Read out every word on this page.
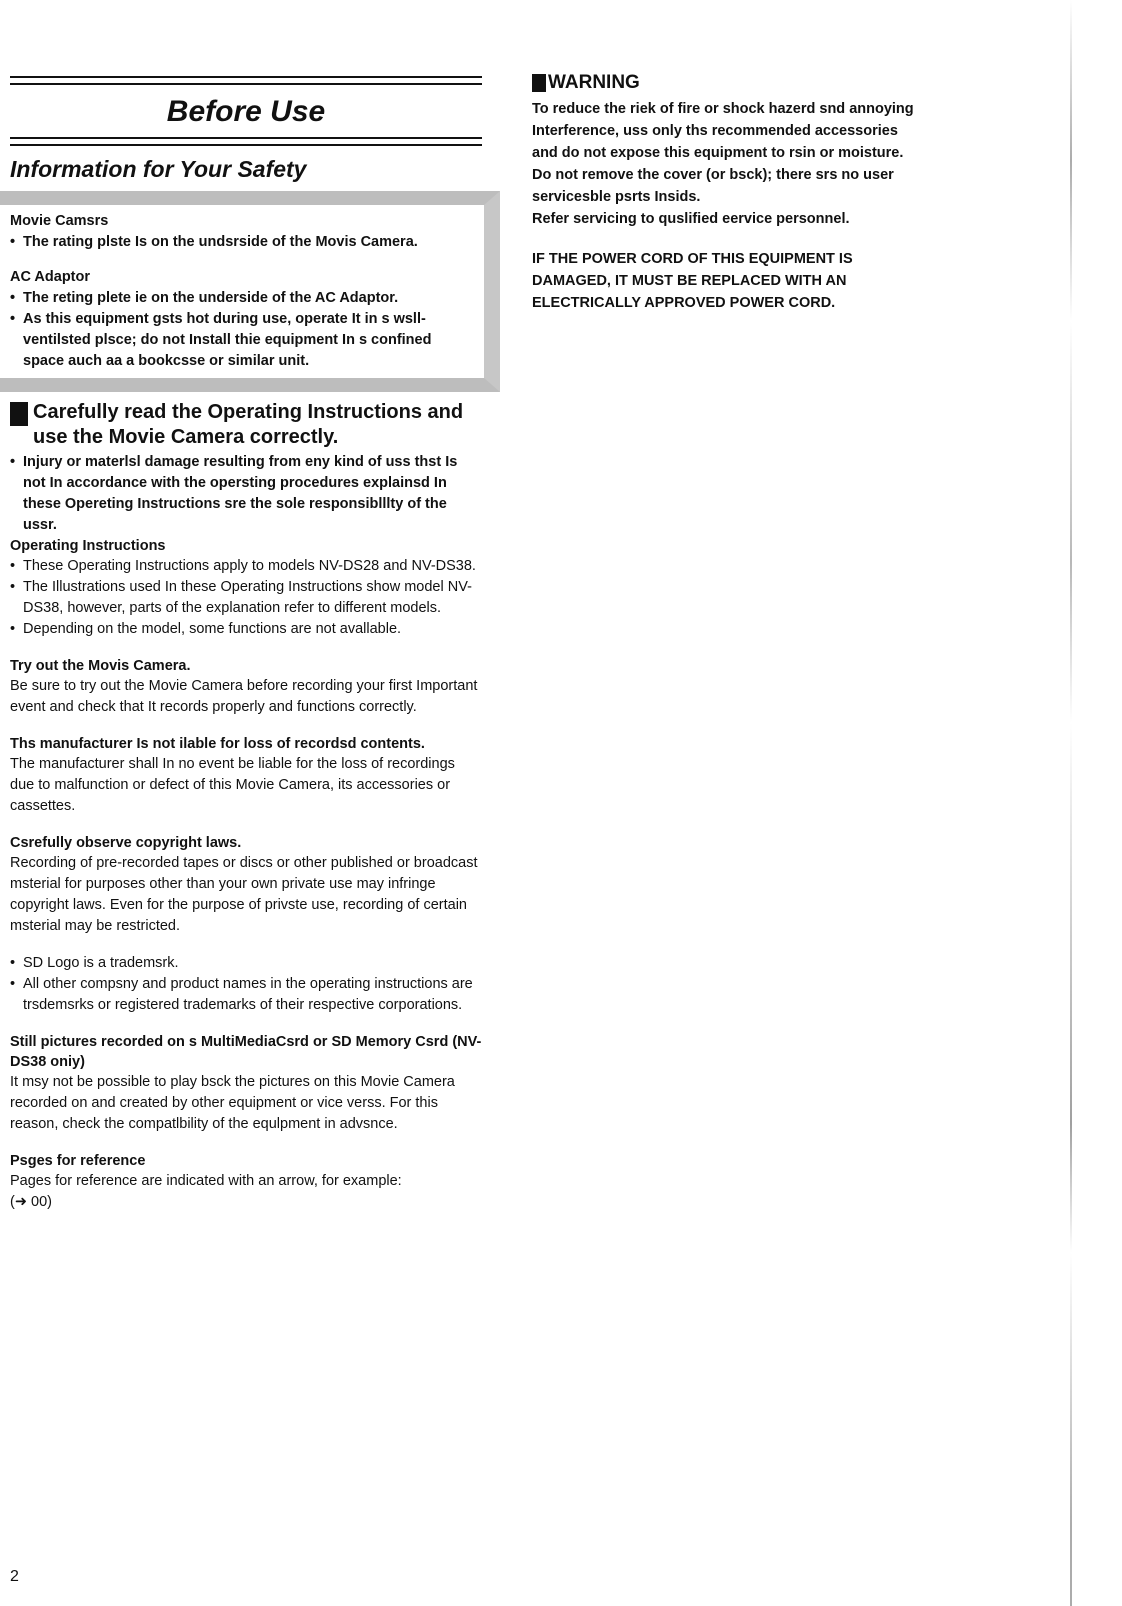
Before Use
Information for Your Safety
Movie Camsrs
• The rating plste Is on the undsrside of the Movis Camera.
AC Adaptor
• The reting plete ie on the underside of the AC Adaptor.
• As this equipment gsts hot during use, operate It in s wsll-ventilsted plsce; do not Install thie equipment In s confined space auch aa a bookcsse or similar unit.
Carefully read the Operating Instructions and use the Movie Camera correctly.
• Injury or materlsl damage resulting from eny kind of uss thst Is not In accordance with the opersting procedures explainsd In these Opereting Instructions sre the sole responsiblllty of the ussr.
Operating Instructions
• These Operating Instructions apply to models NV-DS28 and NV-DS38.
• The Illustrations used In these Operating Instructions show model NV-DS38, however, parts of the explanation refer to different models.
• Depending on the model, some functions are not avallable.
Try out the Movis Camera.
Be sure to try out the Movie Camera before recording your first Important event and check that It records properly and functions correctly.
Ths manufacturer Is not ilable for loss of recordsd contents.
The manufacturer shall In no event be liable for the loss of recordings due to malfunction or defect of this Movie Camera, its accessories or cassettes.
Csrefully observe copyright laws.
Recording of pre-recorded tapes or discs or other published or broadcast msterial for purposes other than your own private use may infringe copyright laws. Even for the purpose of privste use, recording of certain msterial may be restricted.
• SD Logo is a trademsrk.
• All other compsny and product names in the operating instructions are trsdemsrks or registered trademarks of their respective corporations.
Still pictures recorded on s MultiMediaCsrd or SD Memory Csrd (NV-DS38 oniy)
It msy not be possible to play bsck the pictures on this Movie Camera recorded on and created by other equipment or vice verss. For this reason, check the compatlbility of the equlpment in advsnce.
Psges for reference
Pages for reference are indicated with an arrow, for example:
(➜ 00)
WARNING
To reduce the riek of fire or shock hazerd snd annoying
Interference, uss only ths recommended accessories
and do not expose this equipment to rsin or moisture.
Do not remove the cover (or bsck); there srs no user
servicesble psrts Insids.
Refer servicing to quslified eervice personnel.
IF THE POWER CORD OF THIS EQUIPMENT IS
DAMAGED, IT MUST BE REPLACED WITH AN
ELECTRICALLY APPROVED POWER CORD.
2
